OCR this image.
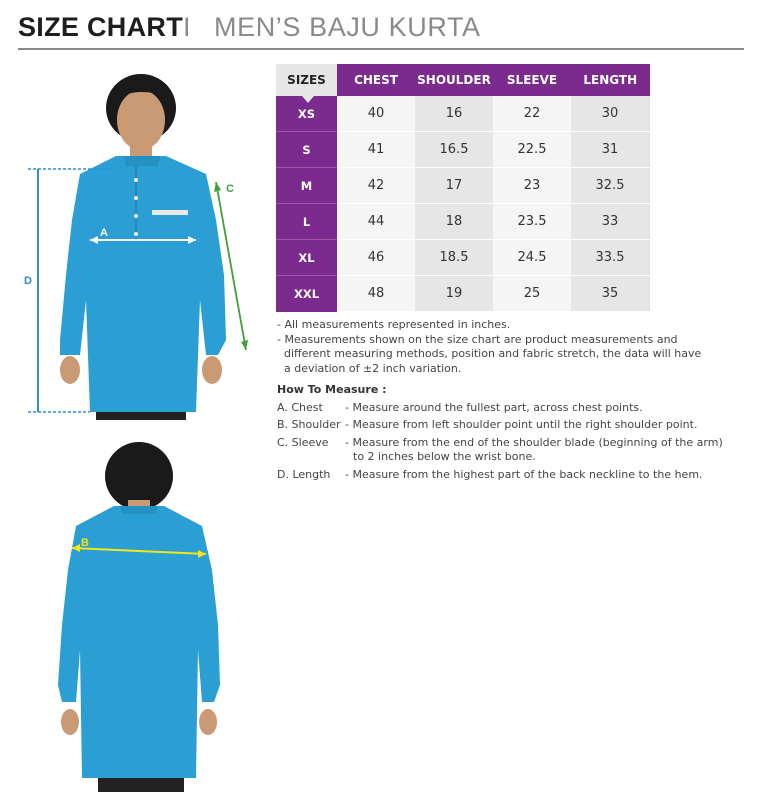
SIZE CHART I MEN’S BAJU KURTA
A
D
C
B
SIZES	CHEST	SHOULDER	SLEEVE	LENGTH
XS	40	16	22	30
S	41	16.5	22.5	31
M	42	17	23	32.5
L	44	18	23.5	33
XL	46	18.5	24.5	33.5
XXL	48	19	25	35
- All measurements represented in inches.
- Measurements shown on the size chart are product measurements and
different measuring methods, position and fabric stretch, the data will have
a deviation of ±2 inch variation.
How To Measure :
A. Chest	- Measure around the fullest part, across chest points.
B. Shoulder - Measure from left shoulder point until the right shoulder point.
C. Sleeve	- Measure from the end of the shoulder blade (beginning of the arm)
to 2 inches below the wrist bone.
D. Length	- Measure from the highest part of the back neckline to the hem.
